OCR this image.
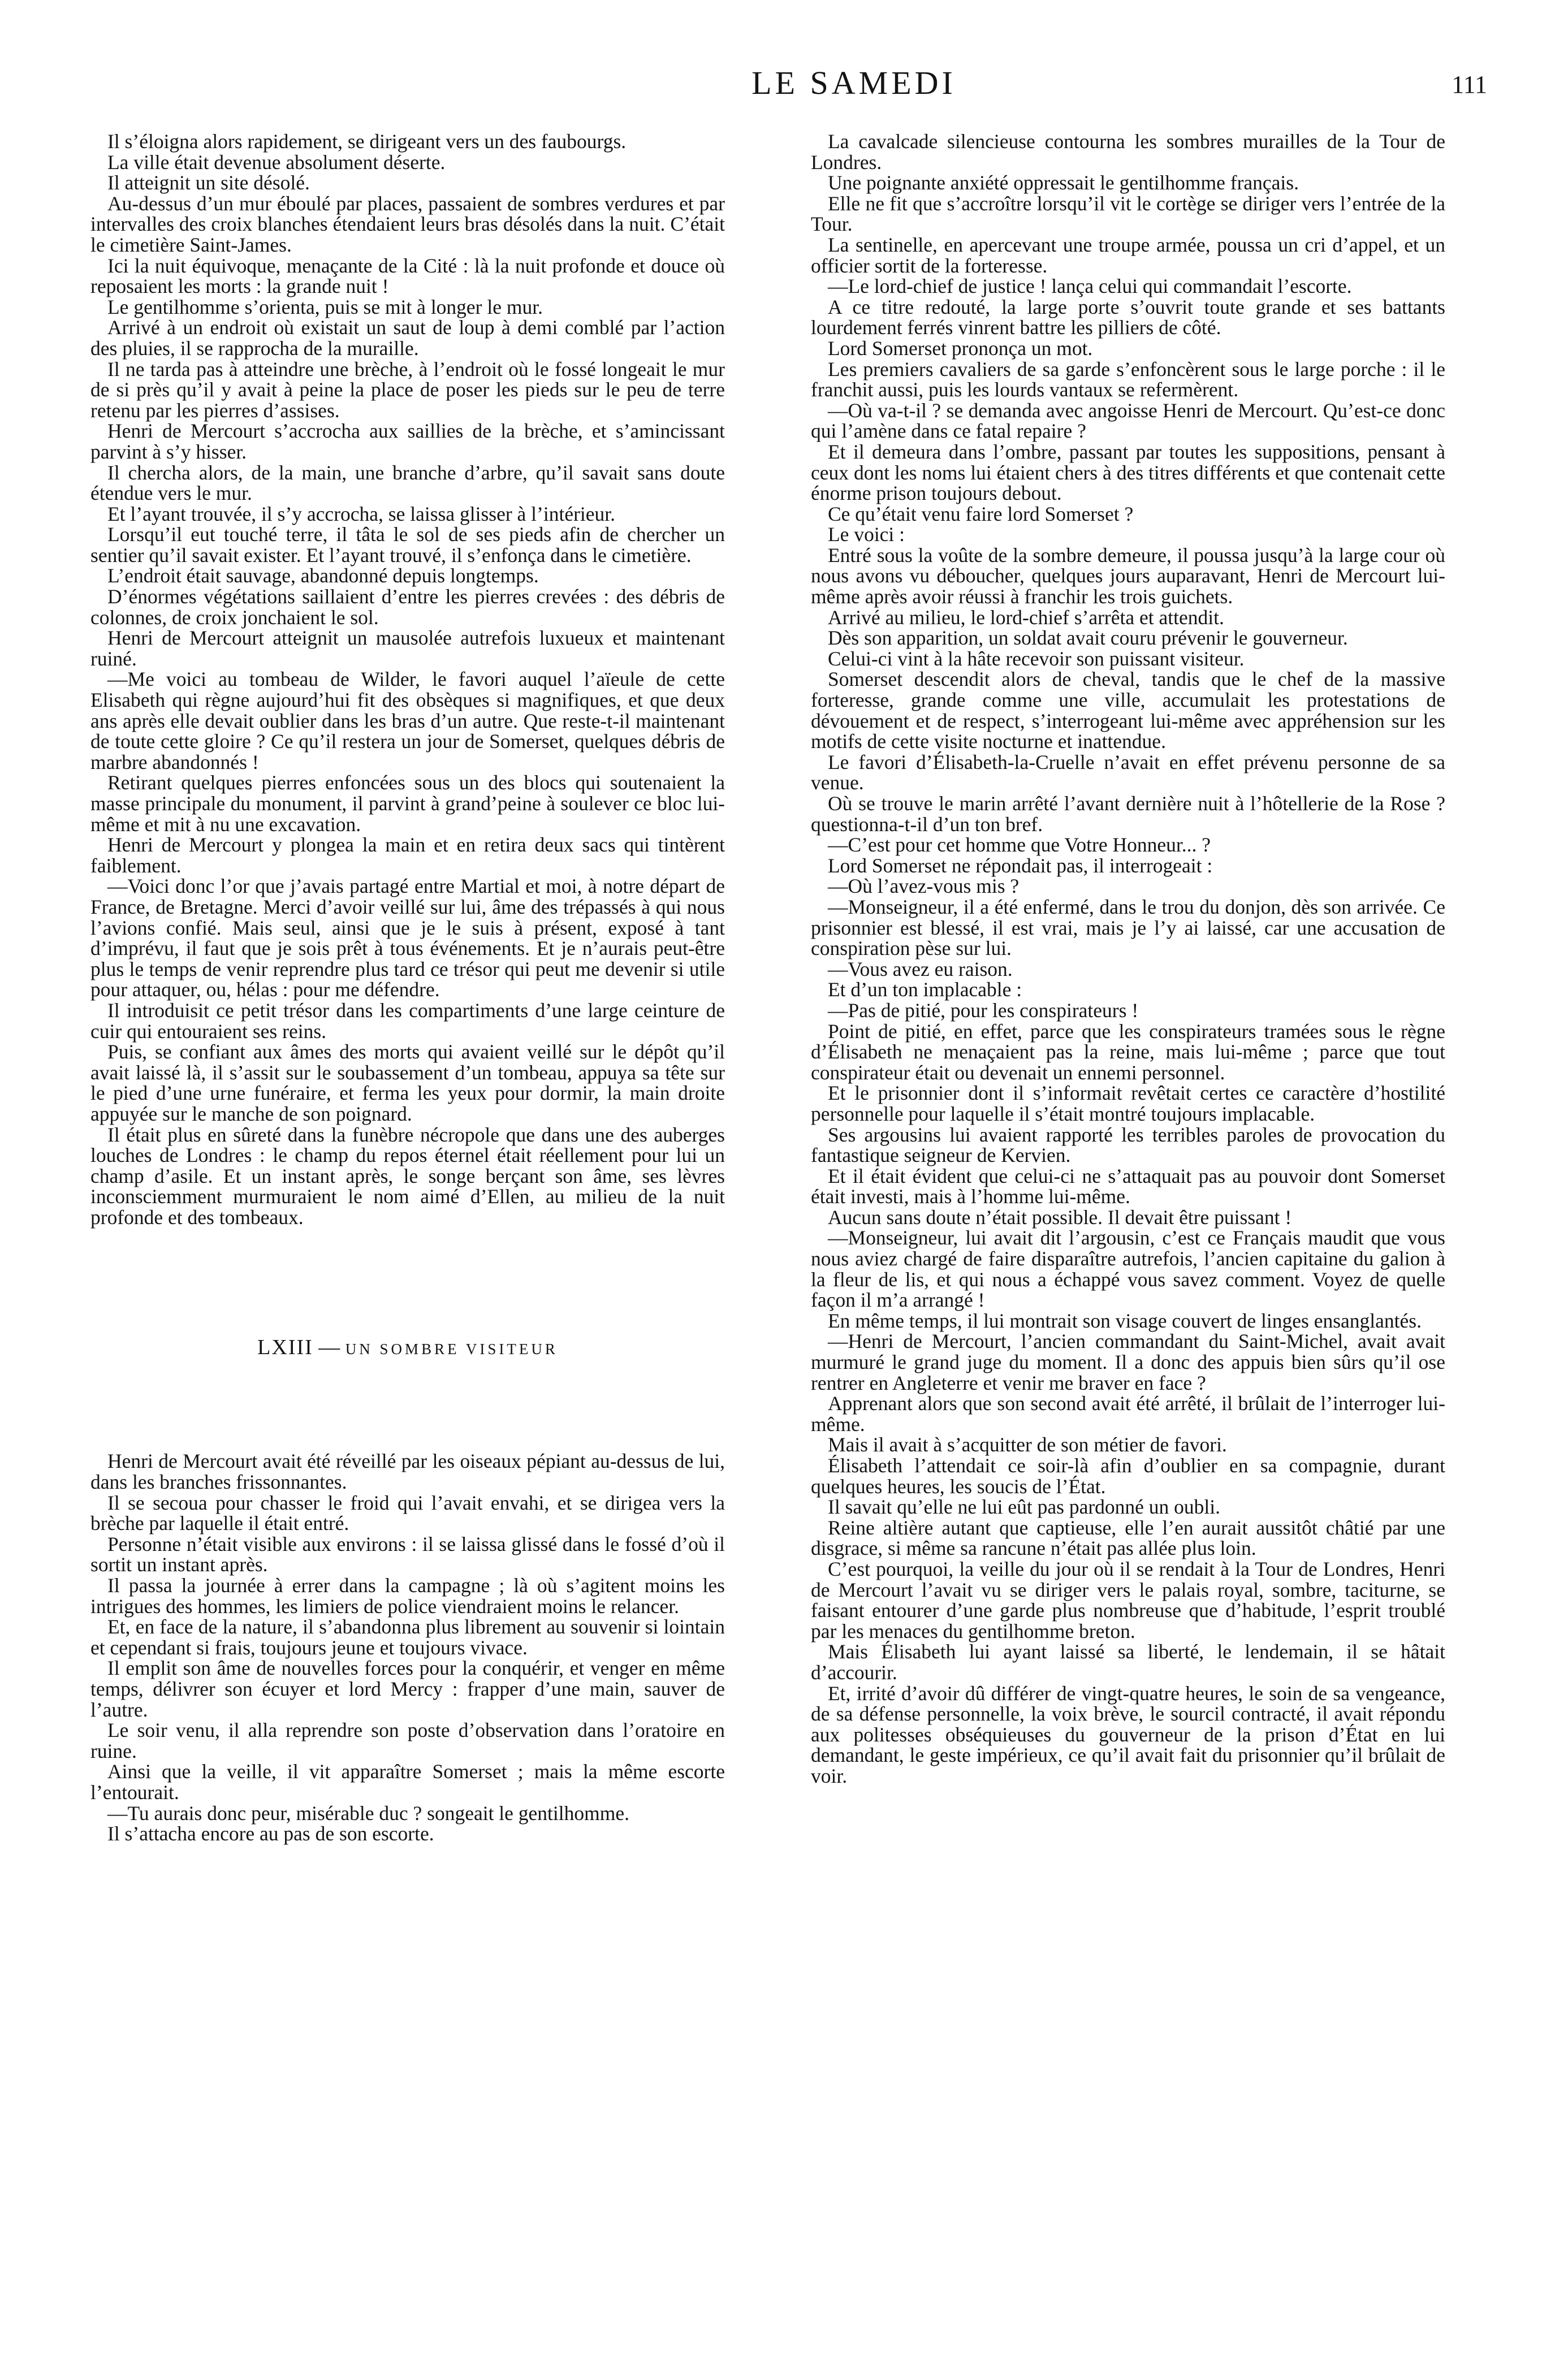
LE SAMEDI	111

Il s’éloigna alors rapidement, se dirigeant vers un des faubourgs.

La ville était devenue absolument déserte.

Il atteignit un site désolé.

Au-dessus d’un mur éboulé par places, passaient de sombres verdures et par intervalles des croix blanches étendaient leurs bras désolés dans la nuit. C’était le cimetière Saint-James.

Ici la nuit équivoque, menaçante de la Cité : là la nuit profonde et douce où reposaient les morts : la grande nuit !

Le gentilhomme s’orienta, puis se mit à longer le mur.

Arrivé à un endroit où existait un saut de loup à demi comblé par l’action des pluies, il se rapprocha de la muraille.

Il ne tarda pas à atteindre une brèche, à l’endroit où le fossé longeait le mur de si près qu’il y avait à peine la place de poser les pieds sur le peu de terre retenu par les pierres d’assises.

Henri de Mercourt s’accrocha aux saillies de la brèche, et s’amincissant parvint à s’y hisser.

Il chercha alors, de la main, une branche d’arbre, qu’il savait sans doute étendue vers le mur.

Et l’ayant trouvée, il s’y accrocha, se laissa glisser à l’intérieur.

Lorsqu’il eut touché terre, il tâta le sol de ses pieds afin de chercher un sentier qu’il savait exister. Et l’ayant trouvé, il s’enfonça dans le cimetière.

L’endroit était sauvage, abandonné depuis longtemps.

D’énormes végétations saillaient d’entre les pierres crevées : des débris de colonnes, de croix jonchaient le sol.

Henri de Mercourt atteignit un mausolée autrefois luxueux et maintenant ruiné.

—Me voici au tombeau de Wilder, le favori auquel l’aïeule de cette Elisabeth qui règne aujourd’hui fit des obsèques si magnifiques, et que deux ans après elle devait oublier dans les bras d’un autre. Que reste-t-il maintenant de toute cette gloire ? Ce qu’il restera un jour de Somerset, quelques débris de marbre abandonnés !

Retirant quelques pierres enfoncées sous un des blocs qui soutenaient la masse principale du monument, il parvint à grand’peine à soulever ce bloc lui-même et mit à nu une excavation.

Henri de Mercourt y plongea la main et en retira deux sacs qui tintèrent faiblement.

—Voici donc l’or que j’avais partagé entre Martial et moi, à notre départ de France, de Bretagne. Merci d’avoir veillé sur lui, âme des trépassés à qui nous l’avions confié. Mais seul, ainsi que je le suis à présent, exposé à tant d’imprévu, il faut que je sois prêt à tous événements. Et je n’aurais peut-être plus le temps de venir reprendre plus tard ce trésor qui peut me devenir si utile pour attaquer, ou, hélas : pour me défendre.

Il introduisit ce petit trésor dans les compartiments d’une large ceinture de cuir qui entouraient ses reins.

Puis, se confiant aux âmes des morts qui avaient veillé sur le dépôt qu’il avait laissé là, il s’assit sur le soubassement d’un tombeau, appuya sa tête sur le pied d’une urne funéraire, et ferma les yeux pour dormir, la main droite appuyée sur le manche de son poignard.

Il était plus en sûreté dans la funèbre nécropole que dans une des auberges louches de Londres : le champ du repos éternel était réellement pour lui un champ d’asile. Et un instant après, le songe berçant son âme, ses lèvres inconsciemment murmuraient le nom aimé d’Ellen, au milieu de la nuit profonde et des tombeaux.

LXIII — UN SOMBRE VISITEUR

Henri de Mercourt avait été réveillé par les oiseaux pépiant au-dessus de lui, dans les branches frissonnantes.

Il se secoua pour chasser le froid qui l’avait envahi, et se dirigea vers la brèche par laquelle il était entré.

Personne n’était visible aux environs : il se laissa glissé dans le fossé d’où il sortit un instant après.

Il passa la journée à errer dans la campagne ; là où s’agitent moins les intrigues des hommes, les limiers de police viendraient moins le relancer.

Et, en face de la nature, il s’abandonna plus librement au souvenir si lointain et cependant si frais, toujours jeune et toujours vivace.

Il emplit son âme de nouvelles forces pour la conquérir, et venger en même temps, délivrer son écuyer et lord Mercy : frapper d’une main, sauver de l’autre.

Le soir venu, il alla reprendre son poste d’observation dans l’oratoire en ruine.

Ainsi que la veille, il vit apparaître Somerset ; mais la même escorte l’entourait.

—Tu aurais donc peur, misérable duc ? songeait le gentilhomme.

Il s’attacha encore au pas de son escorte.

La cavalcade silencieuse contourna les sombres murailles de la Tour de Londres.

Une poignante anxiété oppressait le gentilhomme français.

Elle ne fit que s’accroître lorsqu’il vit le cortège se diriger vers l’entrée de la Tour.

La sentinelle, en apercevant une troupe armée, poussa un cri d’appel, et un officier sortit de la forteresse.

—Le lord-chief de justice ! lança celui qui commandait l’escorte.

A ce titre redouté, la large porte s’ouvrit toute grande et ses battants lourdement ferrés vinrent battre les pilliers de côté.

Lord Somerset prononça un mot.

Les premiers cavaliers de sa garde s’enfoncèrent sous le large porche : il le franchit aussi, puis les lourds vantaux se refermèrent.

—Où va-t-il ? se demanda avec angoisse Henri de Mercourt. Qu’est-ce donc qui l’amène dans ce fatal repaire ?

Et il demeura dans l’ombre, passant par toutes les suppositions, pensant à ceux dont les noms lui étaient chers à des titres différents et que contenait cette énorme prison toujours debout.

Ce qu’était venu faire lord Somerset ?

Le voici :

Entré sous la voûte de la sombre demeure, il poussa jusqu’à la large cour où nous avons vu déboucher, quelques jours auparavant, Henri de Mercourt lui-même après avoir réussi à franchir les trois guichets.

Arrivé au milieu, le lord-chief s’arrêta et attendit.

Dès son apparition, un soldat avait couru prévenir le gouverneur.

Celui-ci vint à la hâte recevoir son puissant visiteur.

Somerset descendit alors de cheval, tandis que le chef de la massive forteresse, grande comme une ville, accumulait les protestations de dévouement et de respect, s’interrogeant lui-même avec appréhension sur les motifs de cette visite nocturne et inattendue.

Le favori d’Élisabeth-la-Cruelle n’avait en effet prévenu personne de sa venue.

Où se trouve le marin arrêté l’avant dernière nuit à l’hôtellerie de la Rose ? questionna-t-il d’un ton bref.

—C’est pour cet homme que Votre Honneur... ?

Lord Somerset ne répondait pas, il interrogeait :

—Où l’avez-vous mis ?

—Monseigneur, il a été enfermé, dans le trou du donjon, dès son arrivée. Ce prisonnier est blessé, il est vrai, mais je l’y ai laissé, car une accusation de conspiration pèse sur lui.

—Vous avez eu raison.

Et d’un ton implacable :

—Pas de pitié, pour les conspirateurs !

Point de pitié, en effet, parce que les conspirateurs tramées sous le règne d’Élisabeth ne menaçaient pas la reine, mais lui-même ; parce que tout conspirateur était ou devenait un ennemi personnel.

Et le prisonnier dont il s’informait revêtait certes ce caractère d’hostilité personnelle pour laquelle il s’était montré toujours implacable.

Ses argousins lui avaient rapporté les terribles paroles de provocation du fantastique seigneur de Kervien.

Et il était évident que celui-ci ne s’attaquait pas au pouvoir dont Somerset était investi, mais à l’homme lui-même.

Aucun sans doute n’était possible. Il devait être puissant !

—Monseigneur, lui avait dit l’argousin, c’est ce Français maudit que vous nous aviez chargé de faire disparaître autrefois, l’ancien capitaine du galion à la fleur de lis, et qui nous a échappé vous savez comment. Voyez de quelle façon il m’a arrangé !

En même temps, il lui montrait son visage couvert de linges ensanglantés.

—Henri de Mercourt, l’ancien commandant du Saint-Michel, avait avait murmuré le grand juge du moment. Il a donc des appuis bien sûrs qu’il ose rentrer en Angleterre et venir me braver en face ?

Apprenant alors que son second avait été arrêté, il brûlait de l’interroger lui-même.

Mais il avait à s’acquitter de son métier de favori.

Élisabeth l’attendait ce soir-là afin d’oublier en sa compagnie, durant quelques heures, les soucis de l’État.

Il savait qu’elle ne lui eût pas pardonné un oubli.

Reine altière autant que captieuse, elle l’en aurait aussitôt châtié par une disgrace, si même sa rancune n’était pas allée plus loin.

C’est pourquoi, la veille du jour où il se rendait à la Tour de Londres, Henri de Mercourt l’avait vu se diriger vers le palais royal, sombre, taciturne, se faisant entourer d’une garde plus nombreuse que d’habitude, l’esprit troublé par les menaces du gentilhomme breton.

Mais Élisabeth lui ayant laissé sa liberté, le lendemain, il se hâtait d’accourir.

Et, irrité d’avoir dû différer de vingt-quatre heures, le soin de sa vengeance, de sa défense personnelle, la voix brève, le sourcil contracté, il avait répondu aux politesses obséquieuses du gouverneur de la prison d’État en lui demandant, le geste impérieux, ce qu’il avait fait du prisonnier qu’il brûlait de voir.
